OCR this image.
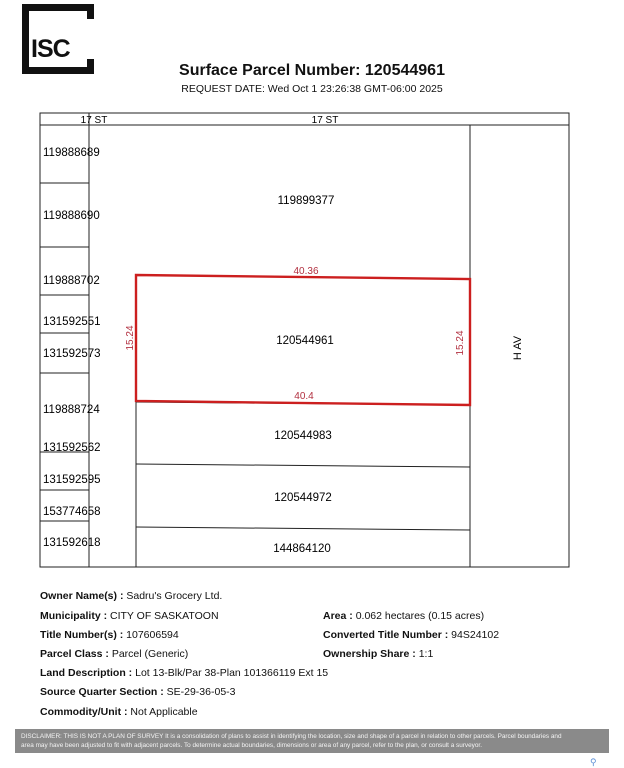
ISC
Surface Parcel Number: 120544961
REQUEST DATE: Wed Oct 1 23:26:38 GMT-06:00 2025
17 ST	17 ST
H AV
120544961
40.36
40.4
15.24	15.24
119899377
120544983
120544972
144864120
119888689
119888690
119888702
131592551
131592573
119888724
131592562
131592595
153774658
131592618
Owner Name(s) : Sadru's Grocery Ltd.
Municipality : CITY OF SASKATOON	Area : 0.062 hectares (0.15 acres)
Title Number(s) : 107606594	Converted Title Number : 94S24102
Parcel Class : Parcel (Generic)	Ownership Share : 1:1
Land Description : Lot 13-Blk/Par 38-Plan 101366119 Ext 15
Source Quarter Section : SE-29-36-05-3
Commodity/Unit : Not Applicable
DISCLAIMER: THIS IS NOT A PLAN OF SURVEY It is a consolidation of plans to assist in identifying the location, size and shape of a parcel in relation to other parcels. Parcel boundaries and
area may have been adjusted to fit with adjacent parcels. To determine actual boundaries, dimensions or area of any parcel, refer to the plan, or consult a surveyor.
⚲
